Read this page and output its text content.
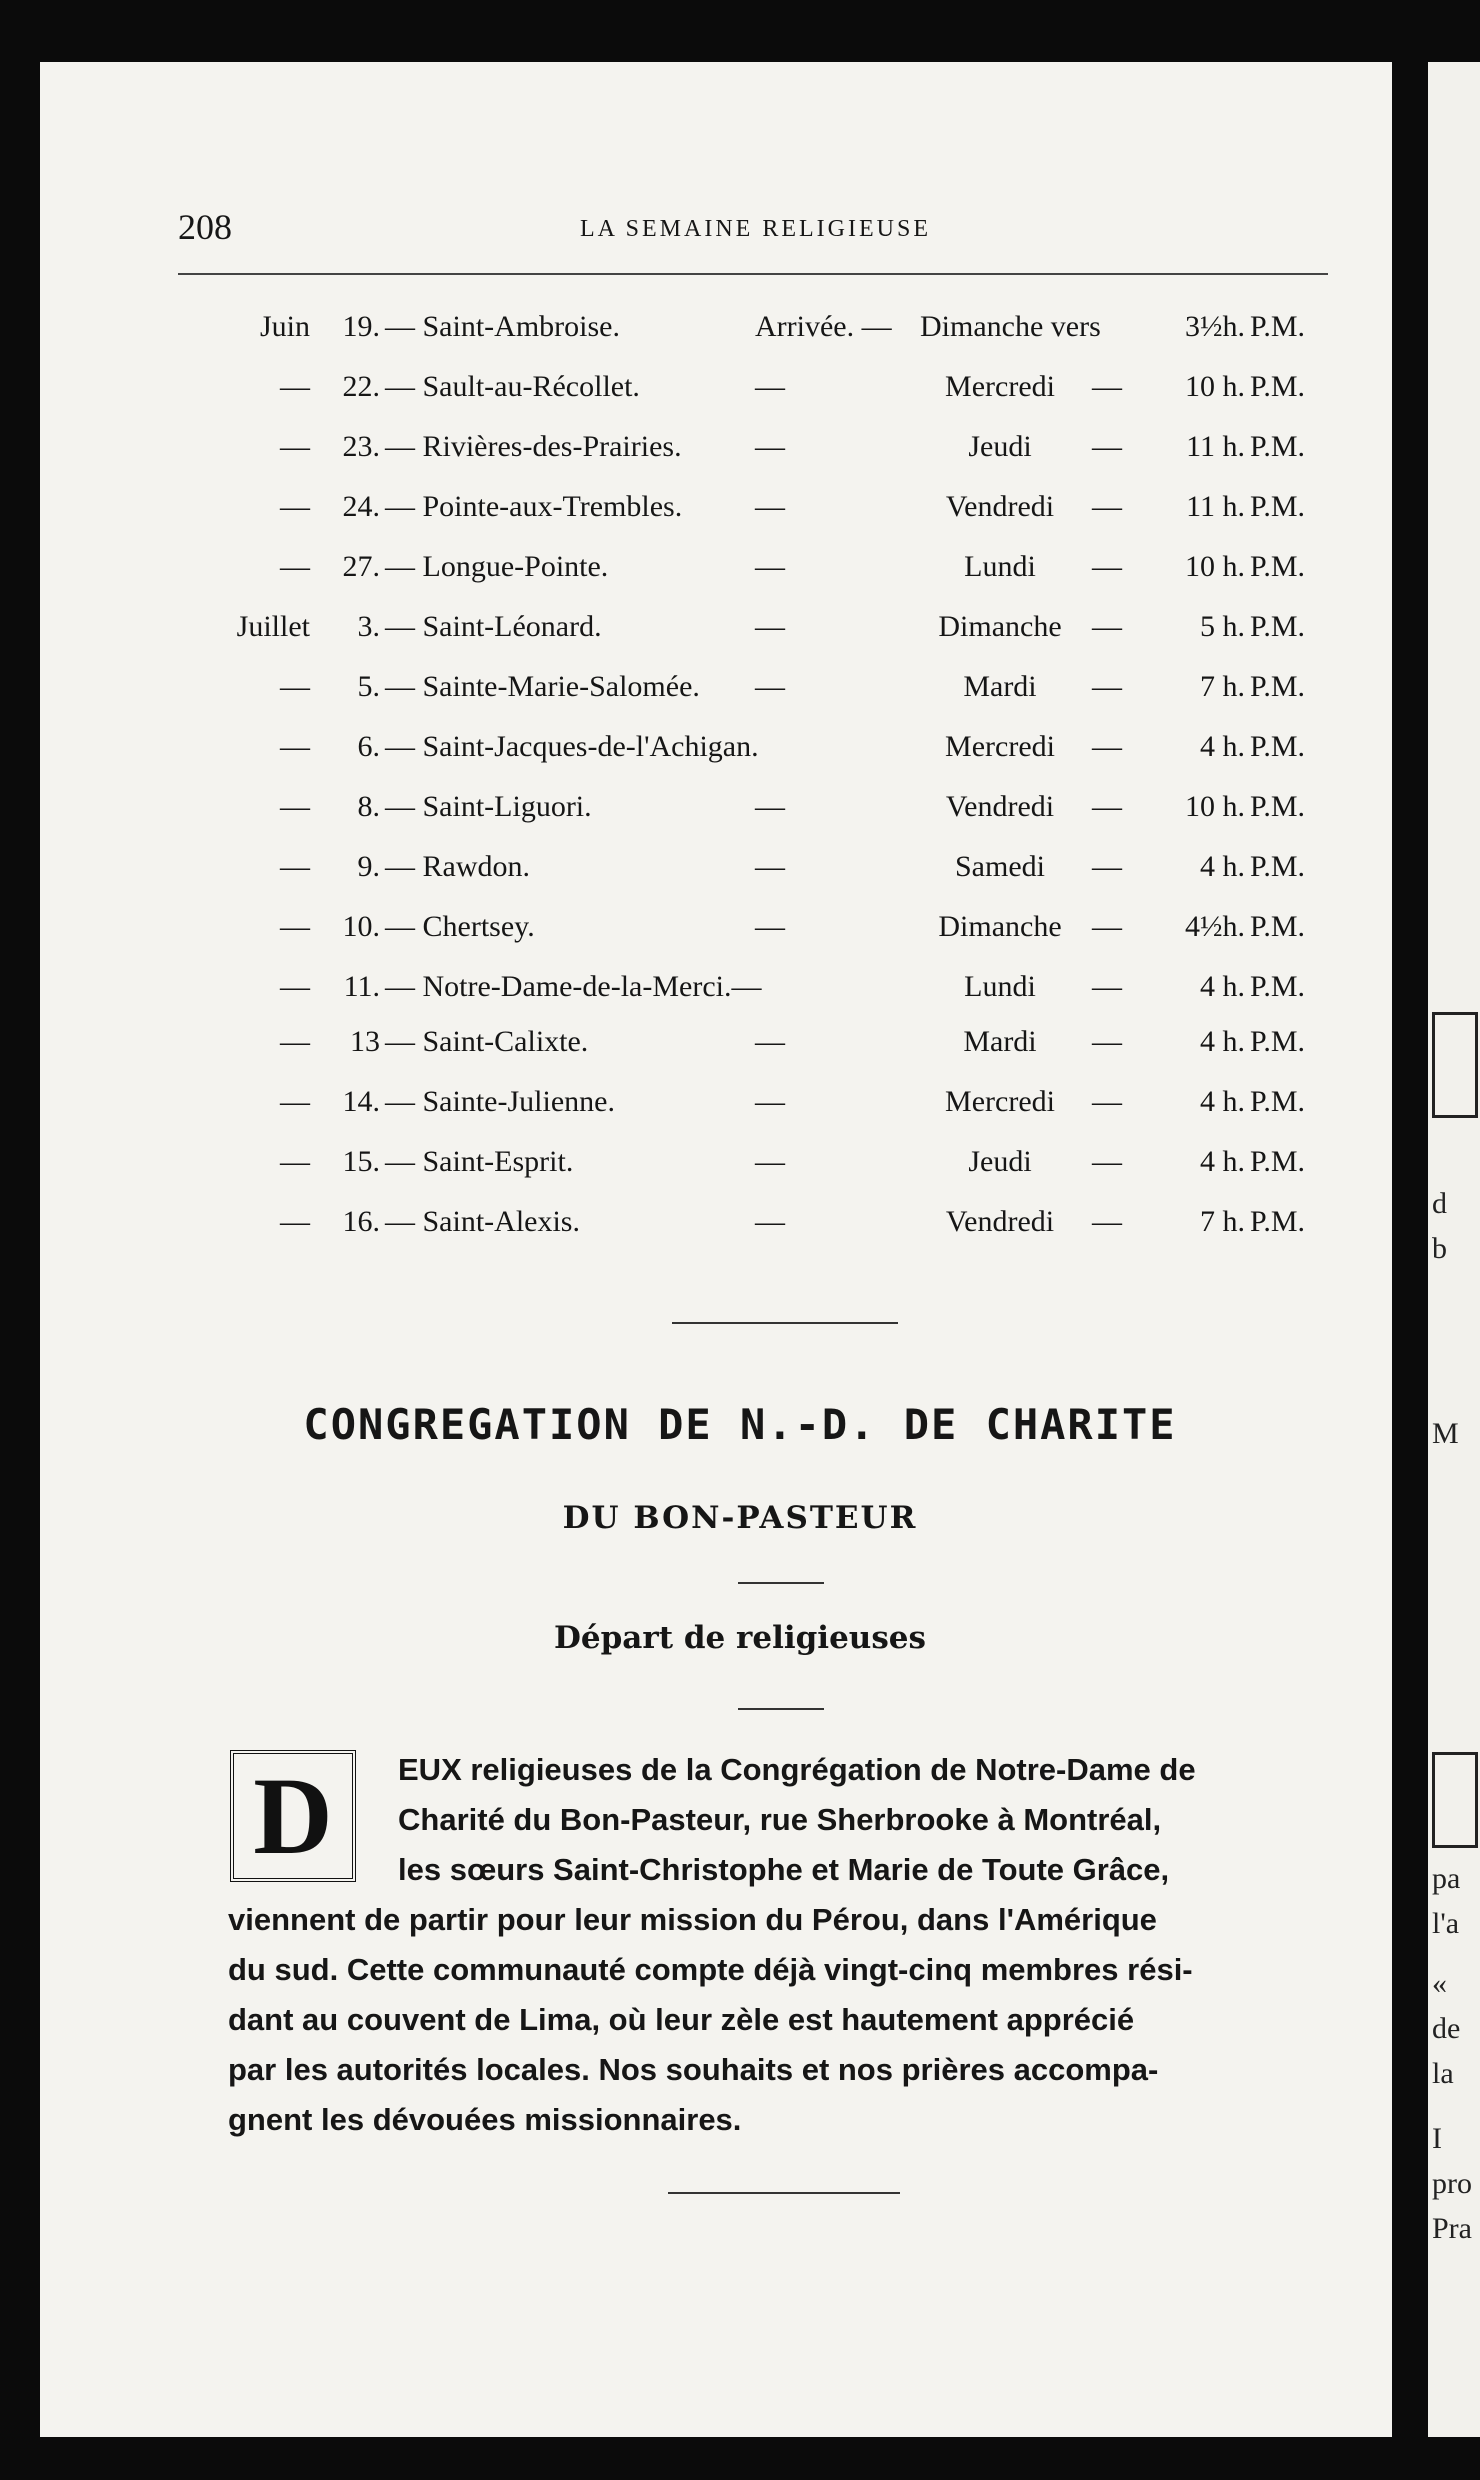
d
b
M
pa
l'a
«
de
la
I
pro
Pra
208	LA SEMAINE RELIGIEUSE
Juin	19. — Saint-Ambroise.	Arrivée. — Dimanche vers	3½h. P.M.
—	22. — Sault-au-Récollet.	—	Mercredi	—	10 h. P.M.
—	23. — Rivières-des-Prairies. —	Jeudi	—	11 h. P.M.
—	24. — Pointe-aux-Trembles. —	Vendredi	—	11 h. P.M.
—	27. — Longue-Pointe.	—	Lundi	—	10 h. P.M.
Juillet	3. — Saint-Léonard.	—	Dimanche	—	5 h. P.M.
—	5. — Sainte-Marie-Salomée. —	Mardi	—	7 h. P.M.
—	6. — Saint-Jacques-de-l'Achigan.	Mercredi	—	4 h. P.M.
—	8. — Saint-Liguori.	—	Vendredi	—	10 h. P.M.
—	9. — Rawdon.	—	Samedi	—	4 h. P.M.
—	10. — Chertsey.	—	Dimanche	—	4½h. P.M.
—	11. — Notre-Dame-de-la-Merci.—	Lundi	—	4 h. P.M.
—	13 — Saint-Calixte.	—	Mardi	—	4 h. P.M.
—	14. — Sainte-Julienne.	—	Mercredi	—	4 h. P.M.
—	15. — Saint-Esprit.	—	Jeudi	—	4 h. P.M.
—	16. — Saint-Alexis.	—	Vendredi	—	7 h. P.M.
CONGREGATION DE N.-D. DE CHARITE
DU BON-PASTEUR
Départ de religieuses
D EUX religieuses de la Congrégation de Notre-Dame de
Charité du Bon-Pasteur, rue Sherbrooke à Montréal,
les sœurs Saint-Christophe et Marie de Toute Grâce,
viennent de partir pour leur mission du Pérou, dans l'Amérique
du sud. Cette communauté compte déjà vingt-cinq membres rési-
dant au couvent de Lima, où leur zèle est hautement apprécié
par les autorités locales. Nos souhaits et nos prières accompa-
gnent les dévouées missionnaires.
